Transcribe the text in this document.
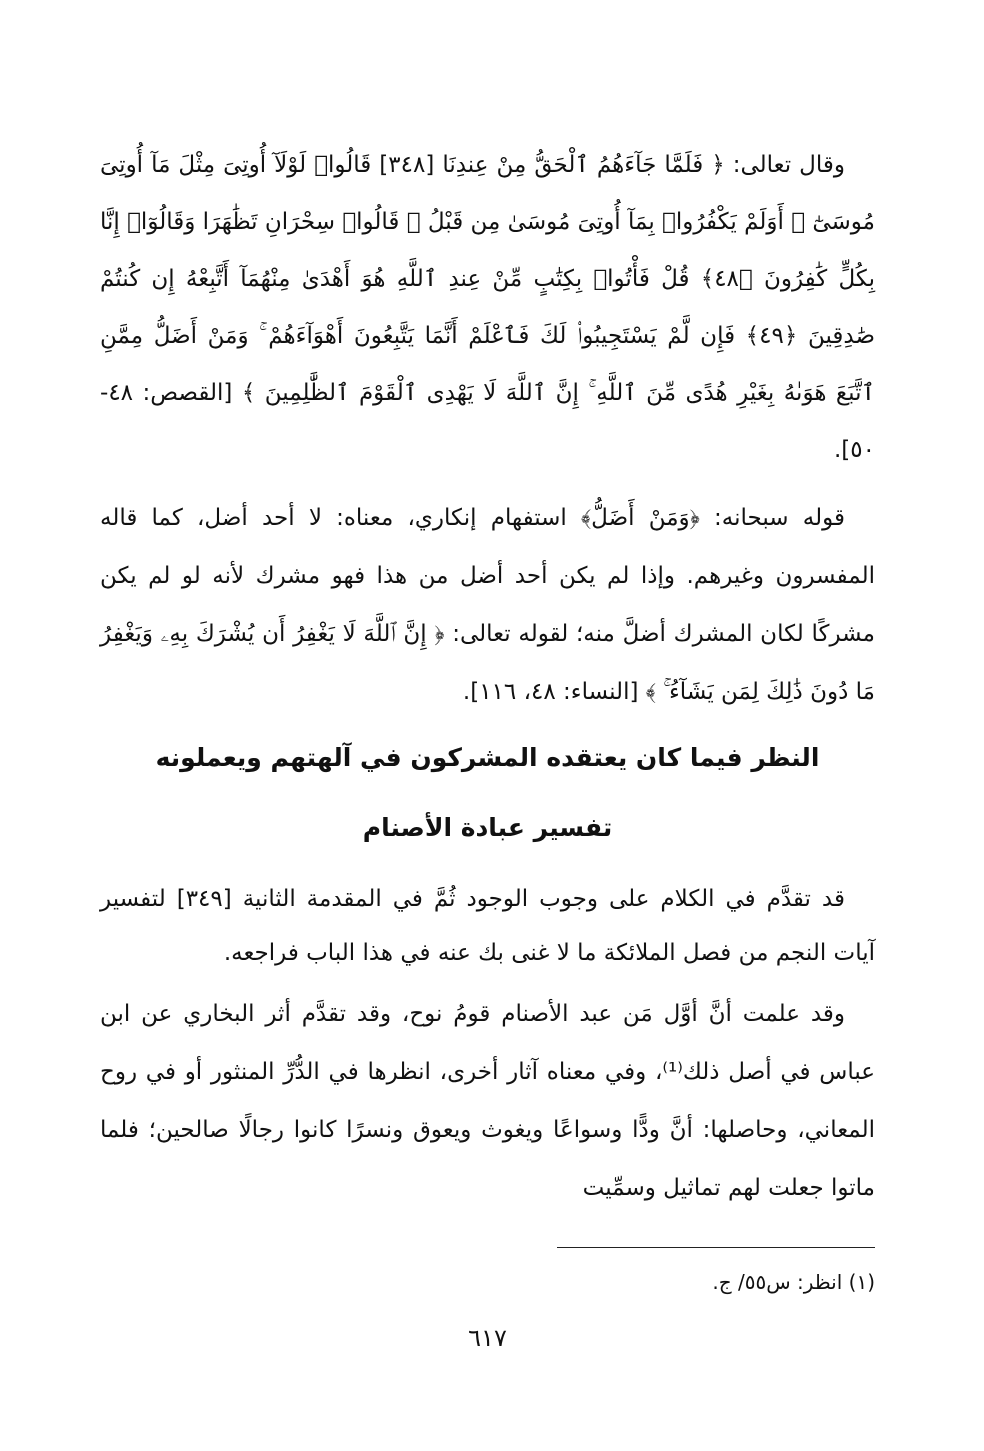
وقال تعالى: ﴿ فَلَمَّا جَآءَهُمُ ٱلْحَقُّ مِنْ عِندِنَا [٣٤٨] قَالُوا۟ لَوْلَآ أُوتِىَ مِثْلَ مَآ أُوتِىَ مُوسَىٰٓ ۚ أَوَلَمْ يَكْفُرُوا۟ بِمَآ أُوتِىَ مُوسَىٰ مِن قَبْلُ ۖ قَالُوا۟ سِحْرَانِ تَظَٰهَرَا وَقَالُوٓا۟ إِنَّا بِكُلٍّ كَٰفِرُونَ ﴿٤٨﴾ قُلْ فَأْتُوا۟ بِكِتَٰبٍ مِّنْ عِندِ ٱللَّهِ هُوَ أَهْدَىٰ مِنْهُمَآ أَتَّبِعْهُ إِن كُنتُمْ صَٰدِقِينَ ﴿٤٩﴾ فَإِن لَّمْ يَسْتَجِيبُوا۟ لَكَ فَٱعْلَمْ أَنَّمَا يَتَّبِعُونَ أَهْوَآءَهُمْ ۚ وَمَنْ أَضَلُّ مِمَّنِ ٱتَّبَعَ هَوَىٰهُ بِغَيْرِ هُدًى مِّنَ ٱللَّهِ ۚ إِنَّ ٱللَّهَ لَا يَهْدِى ٱلْقَوْمَ ٱلظَّٰلِمِينَ ﴾ [القصص: ٤٨- ٥٠].
قوله سبحانه: ﴿وَمَنْ أَضَلُّ﴾ استفهام إنكاري، معناه: لا أحد أضل، كما قاله المفسرون وغيرهم. وإذا لم يكن أحد أضل من هذا فهو مشرك لأنه لو لم يكن مشركًا لكان المشرك أضلَّ منه؛ لقوله تعالى: ﴿ إِنَّ ٱللَّهَ لَا يَغْفِرُ أَن يُشْرَكَ بِهِۦ وَيَغْفِرُ مَا دُونَ ذَٰلِكَ لِمَن يَشَآءُ ۚ ﴾ [النساء: ٤٨، ١١٦].
النظر فيما كان يعتقده المشركون في آلهتهم ويعملونه
تفسير عبادة الأصنام
قد تقدَّم في الكلام على وجوب الوجود ثُمَّ في المقدمة الثانية [٣٤٩] لتفسير آيات النجم من فصل الملائكة ما لا غنى بك عنه في هذا الباب فراجعه.
وقد علمت أنَّ أوَّل مَن عبد الأصنام قومُ نوح، وقد تقدَّم أثر البخاري عن ابن عباس في أصل ذلك⁽¹⁾، وفي معناه آثار أخرى، انظرها في الدُّرِّ المنثور أو في روح المعاني، وحاصلها: أنَّ ودًّا وسواعًا ويغوث ويعوق ونسرًا كانوا رجالًا صالحين؛ فلما ماتوا جعلت لهم تماثيل وسمِّيت
(١) انظر: س٥٥/ ج.
٦١٧
